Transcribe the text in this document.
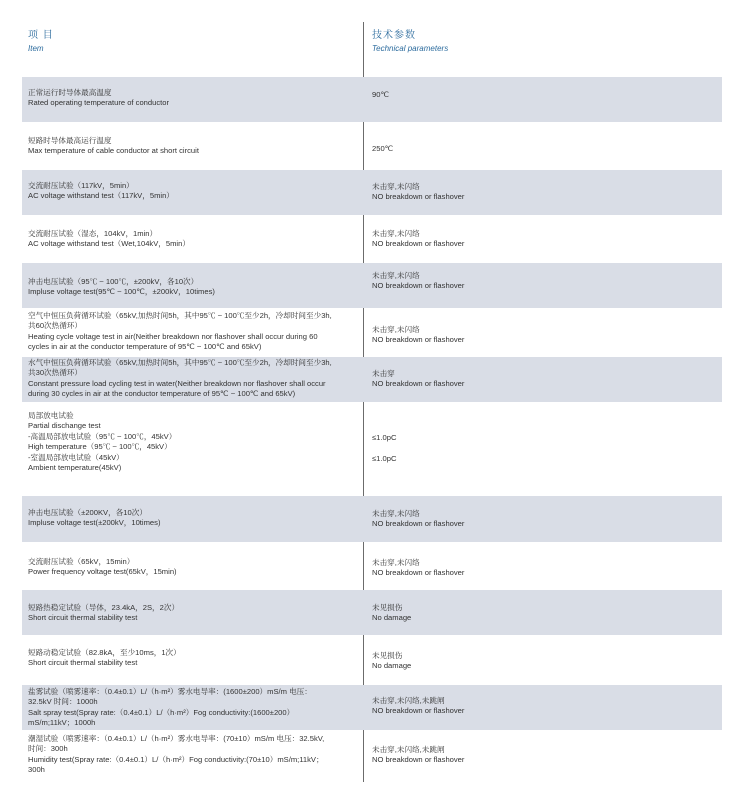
项 目
Item
技术参数
Technical parameters
正常运行时导体最高温度
Rated operating temperature of conductor
90℃
短路时导体最高运行温度
Max temperature of cable conductor at short circuit	250℃
交流耐压试验（117kV，5min）
AC voltage withstand test（117kV，5min）
未击穿,未闪络
NO breakdown or flashover
交流耐压试验（湿态，104kV，1min）
AC voltage withstand test（Wet,104kV，5min）
未击穿,未闪络
NO breakdown or flashover
冲击电压试验（95℃ ~ 100℃，±200kV，各10次）
Impluse voltage test(95℃ ~ 100℃，±200kV，10times)
未击穿,未闪络
NO breakdown or flashover
空气中恒压负荷循环试验（65kV,加热时间5h，其中95℃ ~ 100℃至少2h，冷却时间至少3h,
共60次热循环）
Heating cycle voltage test in air(Neither breakdown nor flashover shall occur during 60
cycles in air at the conductor temperature of 95℃ ~ 100℃ and 65kV)
未击穿,未闪络
NO breakdown or flashover
水气中恒压负荷循环试验（65kV,加热时间5h，其中95℃ ~ 100℃至少2h，冷却时间至少3h,
共30次热循环）
Constant pressure load cycling test in water(Neither breakdown nor flashover shall occur
during 30 cycles in air at the conductor temperature of 95℃ ~ 100℃ and 65kV)
未击穿
NO breakdown or flashover
局部放电试验
Partial dischange test
-高温局部放电试验（95℃ ~ 100℃，45kV）
High temperature（95℃ ~ 100℃，45kV）
-室温局部放电试验（45kV）
Ambient temperature(45kV)
≤1.0pC
≤1.0pC
冲击电压试验（±200KV，各10次）
Impluse voltage test(±200kV，10times)
未击穿,未闪络
NO breakdown or flashover
交流耐压试验（65kV，15min）
Power frequency voltage test(65kV，15min)
未击穿,未闪络
NO breakdown or flashover
短路热稳定试验（导体，23.4kA，2S，2次）
Short circuit thermal stability test
未见损伤
No damage
短路动稳定试验（82.8kA，至少10ms，1次）
Short circuit thermal stability test
未见损伤
No damage
盐雾试验（喷雾速率：（0.4±0.1）L/（h·m²）雾水电导率：(1600±200）mS/m 电压：
32.5kV 时间：1000h
Salt spray test(Spray rate:（0.4±0.1）L/（h·m²）Fog conductivity:(1600±200）
mS/m;11kV；1000h
未击穿,未闪络,未跳闸
NO breakdown or flashover
潮湿试验（喷雾速率：（0.4±0.1）L/（h·m²）雾水电导率：(70±10）mS/m 电压：32.5kV,
时间：300h
Humidity test(Spray rate:（0.4±0.1）L/（h·m²）Fog conductivity:(70±10）mS/m;11kV；
300h
未击穿,未闪络,未跳闸
NO breakdown or flashover
